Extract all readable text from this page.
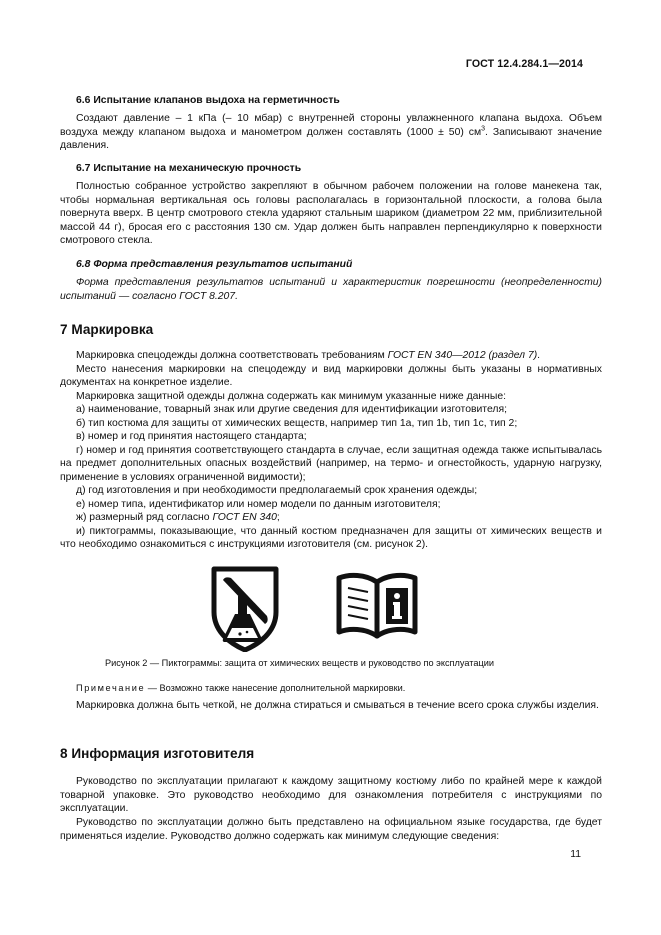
ГОСТ 12.4.284.1—2014
6.6 Испытание клапанов выдоха на герметичность

Создают давление – 1 кПа (– 10 мбар) с внутренней стороны увлажненного клапана выдоха. Объем воздуха между клапаном выдоха и манометром должен составлять (1000 ± 50) $см^3$. Записывают значение давления.

6.7 Испытание на механическую прочность

Полностью собранное устройство закрепляют в обычном рабочем положении на голове манекена так, чтобы нормальная вертикальная ось головы располагалась в горизонтальной плоскости, а голова была повернута вверх. В центр смотрового стекла ударяют стальным шариком (диаметром 22 мм, приблизительной массой 44 г), бросая его с расстояния 130 см. Удар должен быть направлен перпендикулярно к поверхности смотрового стекла.

6.8 Форма представления результатов испытаний

Форма представления результатов испытаний и характеристик погрешности (неопределенности) испытаний — согласно ГОСТ 8.207.

7 Маркировка

Маркировка спецодежды должна соответствовать требованиям ГОСТ EN 340—2012 (раздел 7).

Место нанесения маркировки на спецодежду и вид маркировки должны быть указаны в нормативных документах на конкретное изделие.

Маркировка защитной одежды должна содержать как минимум указанные ниже данные:

а) наименование, товарный знак или другие сведения для идентификации изготовителя;

б) тип костюма для защиты от химических веществ, например тип 1а, тип 1b, тип 1с, тип 2;

в) номер и год принятия настоящего стандарта;

г) номер и год принятия соответствующего стандарта в случае, если защитная одежда также испытывалась на предмет дополнительных опасных воздействий (например, на термо- и огнестойкость, ударную нагрузку, применение в условиях ограниченной видимости);

д) год изготовления и при необходимости предполагаемый срок хранения одежды;

е) номер типа, идентификатор или номер модели по данным изготовителя;

ж) размерный ряд согласно ГОСТ EN 340;

и) пиктограммы, показывающие, что данный костюм предназначен для защиты от химических веществ и что необходимо ознакомиться с инструкциями изготовителя (см. рисунок 2).

Рисунок 2 — Пиктограммы: защита от химических веществ и руководство по эксплуатации
Примечание — Возможно также нанесение дополнительной маркировки.

Маркировка должна быть четкой, не должна стираться и смываться в течение всего срока службы изделия.

8 Информация изготовителя

Руководство по эксплуатации прилагают к каждому защитному костюму либо по крайней мере к каждой товарной упаковке. Это руководство необходимо для ознакомления потребителя с инструкциями по эксплуатации.

Руководство по эксплуатации должно быть представлено на официальном языке государства, где будет применяться изделие. Руководство должно содержать как минимум следующие сведения:

11
